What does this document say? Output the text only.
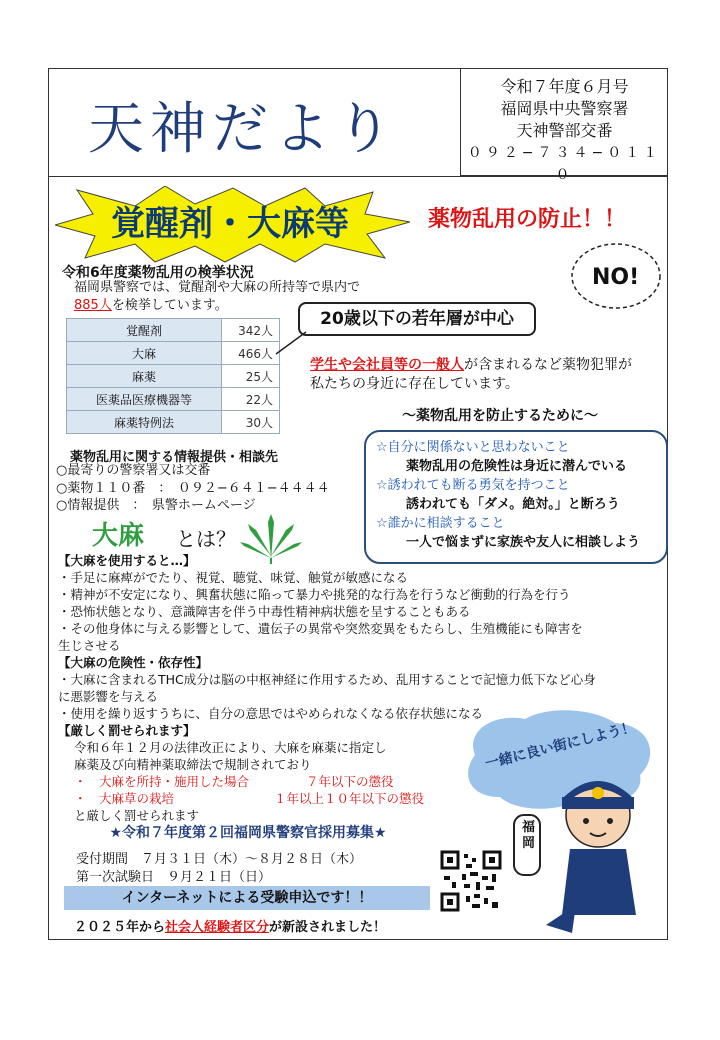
天神だより
令和７年度６月号
福岡県中央警察署
天神警部交番
０９２−７３４−０１１０
覚醒剤・大麻等	薬物乱用の防止！！
NO!
令和6年度薬物乱用の検挙状況
福岡県警察では、覚醒剤や大麻の所持等で県内で
885人を検挙しています。
覚醒剤	342人
大麻	466人
麻薬	25人
医薬品医療機器等	22人
麻薬特例法	30人
20歳以下の若年層が中心
学生や会社員等の一般人が含まれるなど薬物犯罪が
私たちの身近に存在しています。
〜薬物乱用を防止するために〜
☆自分に関係ないと思わないこと
薬物乱用の危険性は身近に潜んでいる
☆誘われても断る勇気を持つこと
誘われても「ダメ。絶対。」と断ろう
☆誰かに相談すること
一人で悩まずに家族や友人に相談しよう
薬物乱用に関する情報提供・相談先
○最寄りの警察署又は交番
○薬物１１０番　：　０９２−６４１−４４４４
○情報提供　：　県警ホームページ
大麻 とは？
【大麻を使用すると…】
・手足に麻痺がでたり、視覚、聴覚、味覚、触覚が敏感になる
・精神が不安定になり、興奮状態に陥って暴力や挑発的な行為を行うなど衝動的行為を行う
・恐怖状態となり、意識障害を伴う中毒性精神病状態を呈することもある
・その他身体に与える影響として、遺伝子の異常や突然変異をもたらし、生殖機能にも障害を
生じさせる
【大麻の危険性・依存性】
・大麻に含まれるTHC成分は脳の中枢神経に作用するため、乱用することで記憶力低下など心身
に悪影響を与える
・使用を繰り返すうちに、自分の意思ではやめられなくなる依存状態になる
【厳しく罰せられます】
令和６年１２月の法律改正により、大麻を麻薬に指定し
麻薬及び向精神薬取締法で規制されており
・　大麻を所持・施用した場合	７年以下の懲役
・　大麻草の栽培	１年以上１０年以下の懲役
と厳しく罰せられます
一緒に良い街にしよう！
福岡
★令和７年度第２回福岡県警察官採用募集★
受付期間　７月３１日（木）〜８月２８日（木）
第一次試験日　９月２１日（日）
インターネットによる受験申込です！！
２０２５年から社会人経験者区分が新設されました！
